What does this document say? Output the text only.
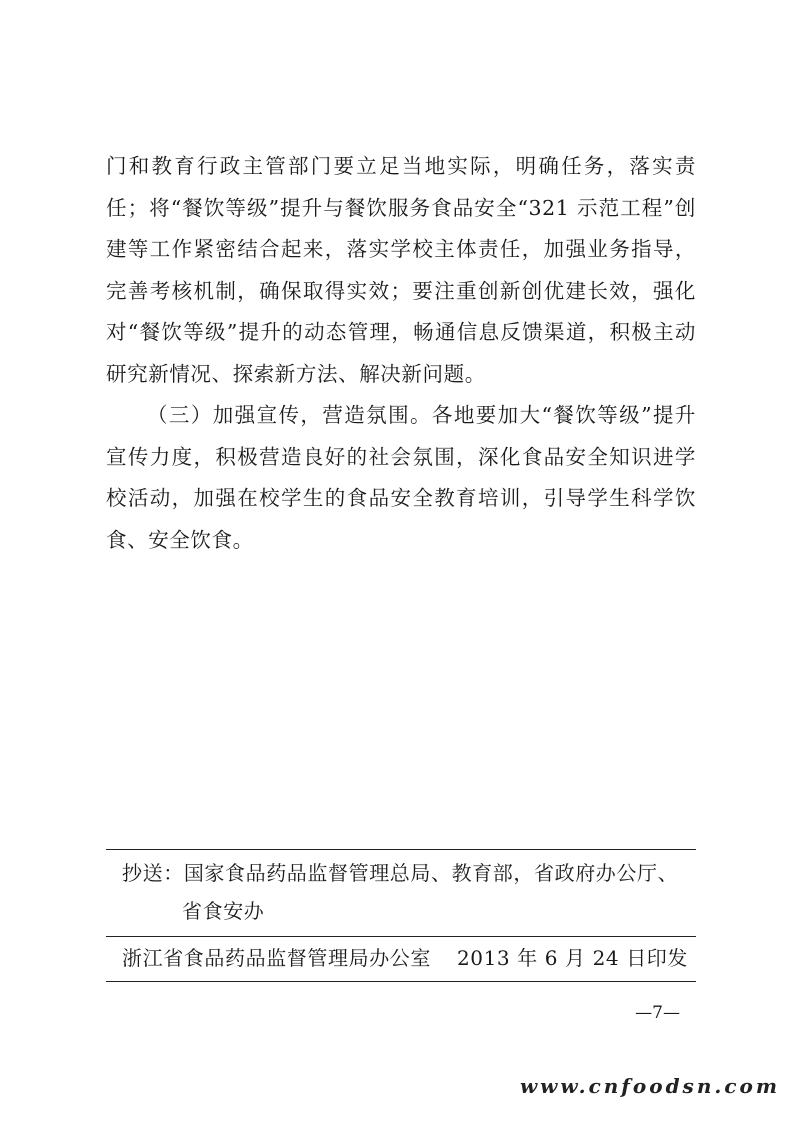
门和教育行政主管部门要立足当地实际，明确任务，落实责任；将“餐饮等级”提升与餐饮服务食品安全“321 示范工程”创建等工作紧密结合起来，落实学校主体责任，加强业务指导，完善考核机制，确保取得实效；要注重创新创优建长效，强化对“餐饮等级”提升的动态管理，畅通信息反馈渠道，积极主动研究新情况、探索新方法、解决新问题。

（三）加强宣传，营造氛围。各地要加大“餐饮等级”提升宣传力度，积极营造良好的社会氛围，深化食品安全知识进学校活动，加强在校学生的食品安全教育培训，引导学生科学饮食、安全饮食。

抄送：国家食品药品监督管理总局、教育部，省政府办公厅、
省食安办
浙江省食品药品监督管理局办公室 2013 年 6 月 24 日印发
—7—
www.cnfoodsn.com
